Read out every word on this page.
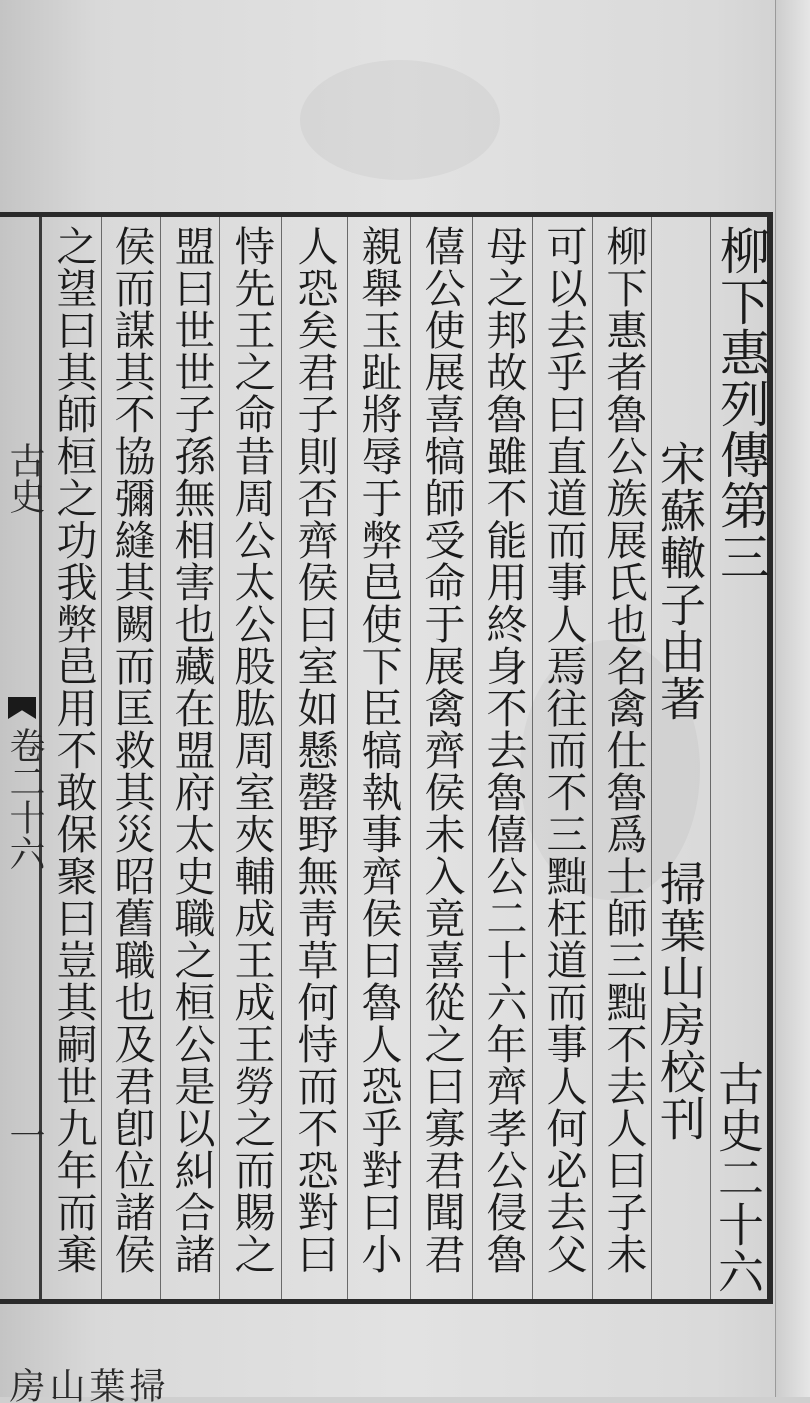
古史
卷二十六
一
掃葉山房
柳下惠列傳第三
古史二十六
宋蘇轍子由著
掃葉山房校刊
柳下惠者魯公族展氏也名禽仕魯爲士師三黜不去人曰子未
可以去乎曰直道而事人焉往而不三黜枉道而事人何必去父
母之邦故魯雖不能用終身不去魯僖公二十六年齊孝公侵魯
僖公使展喜犒師受命于展禽齊侯未入竟喜從之曰寡君聞君
親舉玉趾將辱于弊邑使下臣犒執事齊侯曰魯人恐乎對曰小
人恐矣君子則否齊侯曰室如懸罄野無靑草何恃而不恐對曰
恃先王之命昔周公太公股肱周室夾輔成王成王勞之而賜之
盟曰世世子孫無相害也藏在盟府太史職之桓公是以糾合諸
侯而謀其不協彌縫其闕而匡救其災昭舊職也及君卽位諸侯
之望曰其師桓之功我弊邑用不敢保聚曰豈其嗣世九年而棄
